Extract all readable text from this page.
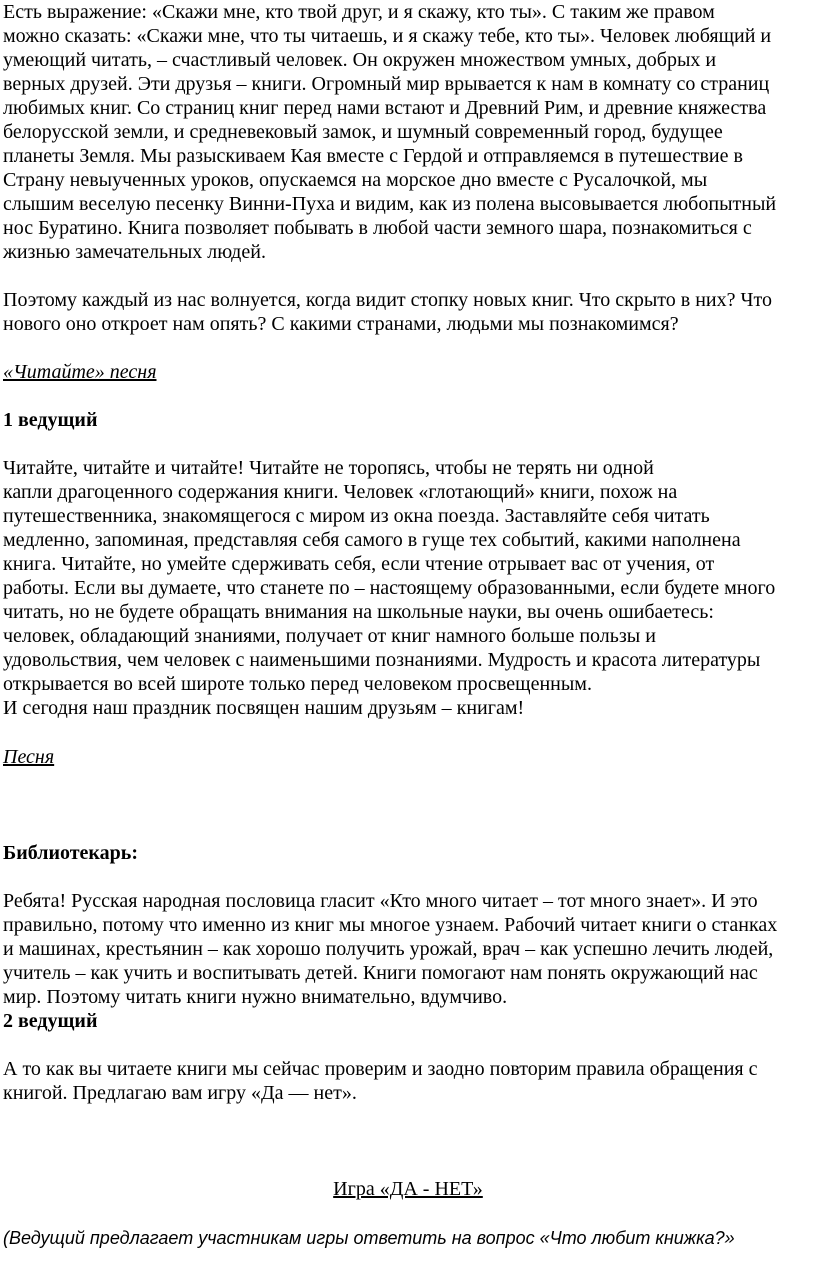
Есть выражение: «Скажи мне, кто твой друг, и я скажу, кто ты». С таким же правом
можно сказать: «Скажи мне, что ты читаешь, и я скажу тебе, кто ты». Человек любящий и
умеющий читать, – счастливый человек. Он окружен множеством умных, добрых и
верных друзей. Эти друзья – книги. Огромный мир врывается к нам в комнату со страниц
любимых книг. Со страниц книг перед нами встают и Древний Рим, и древние княжества
белорусской земли, и средневековый замок, и шумный современный город, будущее
планеты Земля. Мы разыскиваем Кая вместе с Гердой и отправляемся в путешествие в
Страну невыученных уроков, опускаемся на морское дно вместе с Русалочкой, мы
слышим веселую песенку Винни-Пуха и видим, как из полена высовывается любопытный
нос Буратино. Книга позволяет побывать в любой части земного шара, познакомиться с
жизнью замечательных людей.
Поэтому каждый из нас волнуется, когда видит стопку новых книг. Что скрыто в них? Что
нового оно откроет нам опять? С какими странами, людьми мы познакомимся?
«Читайте» песня
1 ведущий
Читайте, читайте и читайте! Читайте не торопясь, чтобы не терять ни одной
капли драгоценного содержания книги. Человек «глотающий» книги, похож на
путешественника, знакомящегося с миром из окна поезда. Заставляйте себя читать
медленно, запоминая, представляя себя самого в гуще тех событий, какими наполнена
книга. Читайте, но умейте сдерживать себя, если чтение отрывает вас от учения, от
работы. Если вы думаете, что станете по – настоящему образованными, если будете много
читать, но не будете обращать внимания на школьные науки, вы очень ошибаетесь:
человек, обладающий знаниями, получает от книг намного больше пользы и
удовольствия, чем человек с наименьшими познаниями. Мудрость и красота литературы
открывается во всей широте только перед человеком просвещенным.
И сегодня наш праздник посвящен нашим друзьям – книгам!
Песня
Библиотекарь:
Ребята! Русская народная пословица гласит «Кто много читает – тот много знает». И это
правильно, потому что именно из книг мы многое узнаем. Рабочий читает книги о станках
и машинах, крестьянин – как хорошо получить урожай, врач – как успешно лечить людей,
учитель – как учить и воспитывать детей. Книги помогают нам понять окружающий нас
мир. Поэтому читать книги нужно внимательно, вдумчиво.
2 ведущий
А то как вы читаете книги мы сейчас проверим и заодно повторим правила обращения с
книгой. Предлагаю вам игру «Да — нет».
Игра «ДА - НЕТ»
(Ведущий предлагает участникам игры ответить на вопрос «Что любит книжка?»
